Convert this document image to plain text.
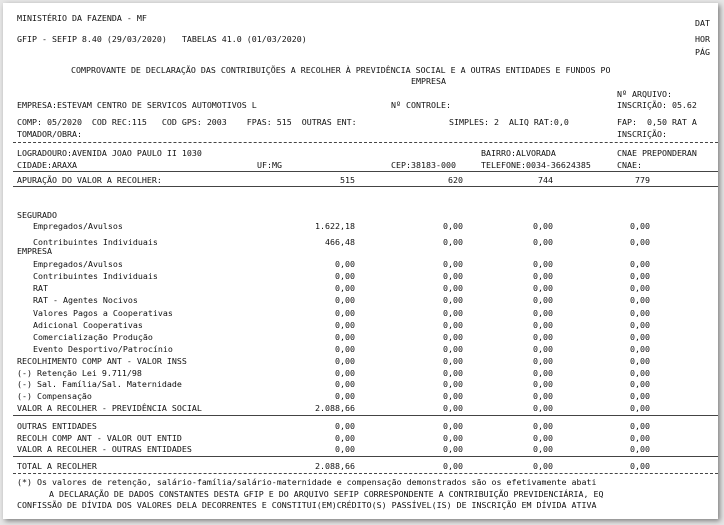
MINISTÉRIO DA FAZENDA - MF
GFIP - SEFIP 8.40 (29/03/2020)   TABELAS 41.0 (01/03/2020)
DAT
HOR
PÁG
COMPROVANTE DE DECLARAÇÃO DAS CONTRIBUIÇÕES A RECOLHER À PREVIDÊNCIA SOCIAL E A OUTRAS ENTIDADES E FUNDOS PO
EMPRESA
Nº ARQUIVO:
EMPRESA:ESTEVAM CENTRO DE SERVICOS AUTOMOTIVOS L	Nº CONTROLE:	INSCRIÇÃO: 05.62
COMP: 05/2020  COD REC:115   COD GPS: 2003    FPAS: 515  OUTRAS ENT:	SIMPLES: 2  ALIQ RAT:0,0	FAP:  0,50 RAT A
TOMADOR/OBRA:	INSCRIÇÃO:
LOGRADOURO:AVENIDA JOAO PAULO II 1030	BAIRRO:ALVORADA	CNAE PREPONDERAN
CIDADE:ARAXA	UF:MG	CEP:38183-000	TELEFONE:0034-36624385	CNAE:
APURAÇÃO DO VALOR A RECOLHER:	515	620	744	779
SEGURADO
Empregados/Avulsos	1.622,18	0,00	0,00	0,00
Contribuintes Individuais	466,48	0,00	0,00	0,00
EMPRESA
Empregados/Avulsos	0,00	0,00	0,00	0,00
Contribuintes Individuais	0,00	0,00	0,00	0,00
RAT	0,00	0,00	0,00	0,00
RAT - Agentes Nocivos	0,00	0,00	0,00	0,00
Valores Pagos a Cooperativas	0,00	0,00	0,00	0,00
Adicional Cooperativas	0,00	0,00	0,00	0,00
Comercialização Produção	0,00	0,00	0,00	0,00
Evento Desportivo/Patrocínio	0,00	0,00	0,00	0,00
RECOLHIMENTO COMP ANT - VALOR INSS	0,00	0,00	0,00	0,00
(-) Retenção Lei 9.711/98	0,00	0,00	0,00	0,00
(-) Sal. Família/Sal. Maternidade	0,00	0,00	0,00	0,00
(-) Compensação	0,00	0,00	0,00	0,00
VALOR A RECOLHER - PREVIDÊNCIA SOCIAL	2.088,66	0,00	0,00	0,00
OUTRAS ENTIDADES	0,00	0,00	0,00	0,00
RECOLH COMP ANT - VALOR OUT ENTID	0,00	0,00	0,00	0,00
VALOR A RECOLHER - OUTRAS ENTIDADES	0,00	0,00	0,00	0,00
TOTAL A RECOLHER	2.088,66	0,00	0,00	0,00
(*) Os valores de retenção, salário-família/salário-maternidade e compensação demonstrados são os efetivamente abati
A DECLARAÇÃO DE DADOS CONSTANTES DESTA GFIP E DO ARQUIVO SEFIP CORRESPONDENTE A CONTRIBUIÇÃO PREVIDENCIÁRIA, EQ
CONFISSÃO DE DÍVIDA DOS VALORES DELA DECORRENTES E CONSTITUI(EM)CRÉDITO(S) PASSÍVEL(IS) DE INSCRIÇÃO EM DÍVIDA ATIVA
